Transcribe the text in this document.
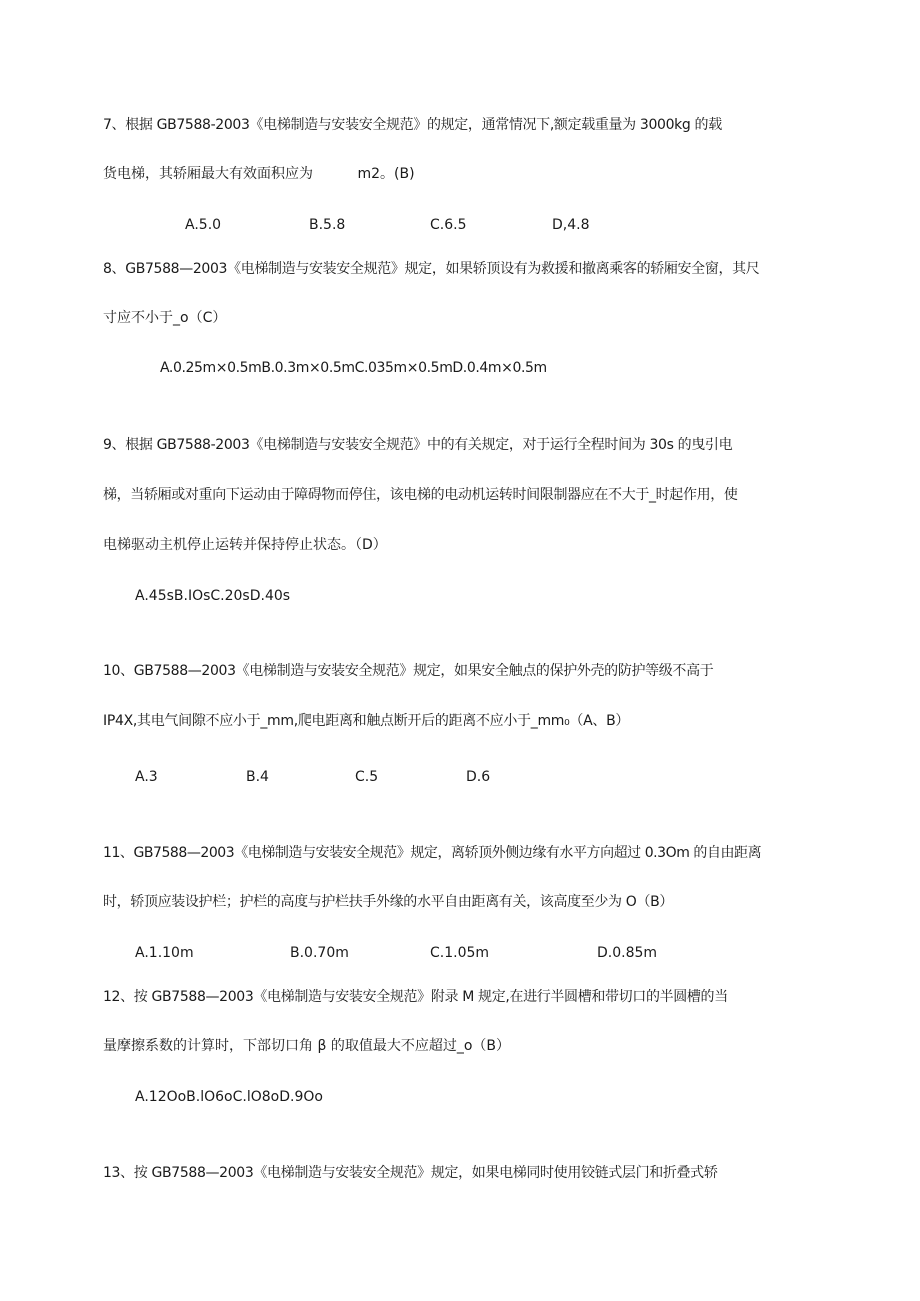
7、根据 GB7588-2003《电梯制造与安装安全规范》的规定，通常情况下,额定载重量为 3000kg 的载
货电梯，其轿厢最大有效面积应为          m2。(B)
A.5.0	B.5.8	C.6.5	D,4.8
8、GB7588—2003《电梯制造与安装安全规范》规定，如果轿顶设有为救援和撤离乘客的轿厢安全窗，其尺
寸应不小于_o（C）
A.0.25m×0.5mB.0.3m×0.5mC.035m×0.5mD.0.4m×0.5m
9、根据 GB7588-2003《电梯制造与安装安全规范》中的有关规定，对于运行全程时间为 30s 的曳引电
梯，当轿厢或对重向下运动由于障碍物而停住，该电梯的电动机运转时间限制器应在不大于_时起作用，使
电梯驱动主机停止运转并保持停止状态。（D）
A.45sB.IOsC.20sD.40s
10、GB7588—2003《电梯制造与安装安全规范》规定，如果安全触点的保护外壳的防护等级不高于
IP4X,其电气间隙不应小于_mm,爬电距离和触点断开后的距离不应小于_mm₀（A、B）
A.3	B.4	C.5	D.6
11、GB7588—2003《电梯制造与安装安全规范》规定，离轿顶外侧边缘有水平方向超过 0.3Om 的自由距离
时，轿顶应装设护栏；护栏的高度与护栏扶手外缘的水平自由距离有关，该高度至少为 O（B）
A.1.10m	B.0.70m	C.1.05m	D.0.85m
12、按 GB7588—2003《电梯制造与安装安全规范》附录 M 规定,在进行半圆槽和带切口的半圆槽的当
量摩擦系数的计算时，下部切口角 β 的取值最大不应超过_o（B）
A.12OoB.lO6oC.lO8oD.9Oo
13、按 GB7588—2003《电梯制造与安装安全规范》规定，如果电梯同时使用铰链式层门和折叠式轿
